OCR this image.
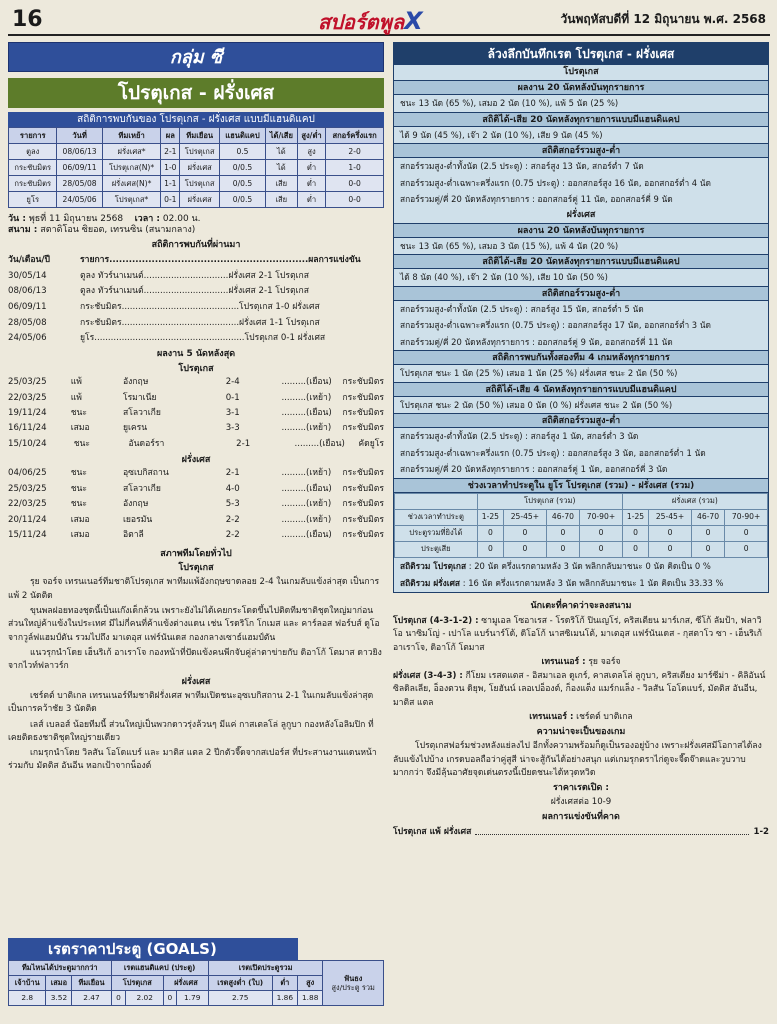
16	สปอร์ตพูลX	วันพฤหัสบดีที่ 12 มิถุนายน พ.ศ. 2568
กลุ่ม ซี
โปรตุเกส - ฝรั่งเศส
สถิติการพบกันของ โปรตุเกส - ฝรั่งเศส แบบมีแฮนดิแคป
รายการ	วันที่	ทีมเหย้า	ผล	ทีมเยือน	แฮนดิแคป	ได้/เสีย	สูง/ต่ำ	สกอร์ครึ่งแรก
ตูลง	08/06/13	ฝรั่งเศส*	2-1	โปรตุเกส	0.5	ได้	สูง	2-0
กระชับมิตร	06/09/11	โปรตุเกส(N)*	1-0	ฝรั่งเศส	0/0.5	ได้	ต่ำ	1-0
กระชับมิตร	28/05/08	ฝรั่งเศส(N)*	1-1	โปรตุเกส	0/0.5	เสีย	ต่ำ	0-0
ยูโร	24/05/06	โปรตุเกส*	0-1	ฝรั่งเศส	0/0.5	เสีย	ต่ำ	0-0
วัน : พุธที่ 11 มิถุนายน 2568 เวลา : 02.00 น.
สนาม : สตาดิโอน ซิยอต, เทรนซิน (สนามกลาง)
สถิติการพบกันที่ผ่านมา
วัน/เดือน/ปี	รายการ.............................................................ผลการแข่งขัน
30/05/14	ตูลง ทัวร์นาเมนต์...............................ฝรั่งเศส 2-1 โปรตุเกส
08/06/13	ตูลง ทัวร์นาเมนต์...............................ฝรั่งเศส 2-1 โปรตุเกส
06/09/11	กระชับมิตร...........................................โปรตุเกส 1-0 ฝรั่งเศส
28/05/08	กระชับมิตร...........................................ฝรั่งเศส 1-1 โปรตุเกส
24/05/06	ยูโร.......................................................โปรตุเกส 0-1 ฝรั่งเศส
ผลงาน 5 นัดหลังสุด
โปรตุเกส
25/03/25	แพ้	อังกฤษ	2-4	.........(เยือน)	กระชับมิตร
22/03/25	แพ้	โรมาเนีย	0-1	.........(เหย้า)	กระชับมิตร
19/11/24	ชนะ	สโลวาเกีย	3-1	.........(เยือน)	กระชับมิตร
16/11/24	เสมอ	ยูเครน	3-3	.........(เหย้า)	กระชับมิตร
15/10/24	ชนะ	อันดอร์รา	2-1	.........(เยือน)	คัดยูโร
ฝรั่งเศส
04/06/25	ชนะ	อุซเบกิสถาน	2-1	.........(เหย้า)	กระชับมิตร
25/03/25	ชนะ	สโลวาเกีย	4-0	.........(เยือน)	กระชับมิตร
22/03/25	ชนะ	อังกฤษ	5-3	.........(เหย้า)	กระชับมิตร
20/11/24	เสมอ	เยอรมัน	2-2	.........(เหย้า)	กระชับมิตร
15/11/24	เสมอ	อิตาลี	2-2	.........(เยือน)	กระชับมิตร
สภาพทีมโดยทั่วไป
โปรตุเกส
รุย จอร์จ เทรนเนอร์ทีมชาติโปรตุเกส พาทีมแพ้อังกฤษขาดลอย 2-4 ในเกมลับแข้งล่าสุด เป็นการแพ้ 2 นัดติด
ขุนพลฝอยทองชุดนี้เป็นแก๊งเด็กล้วน เพราะยังไม่ได้เคยกระโดดขึ้นไปติดทีมชาติชุดใหญ่มาก่อน ส่วนใหญ่ค้าแข้งในประเทศ มีไม่กี่คนที่ค้าแข้งต่างแดน เช่น โรดริโก โกเมส และ คาร์ลอส ฟอร์บส์ ดูโอจากวูล์ฟแฮมป์ตัน รวมไปถึง มาเตอุส แฟร์นันเดส กองกลางเซาธ์แฮมป์ตัน
แนวรุกนำโดย เฮ็นริเก้ อาเราโจ กองหน้าที่ปัดแข้งคนพีกจับคู่ล่าตาข่ายกับ ดิอาโก้ โตมาส ดาวยิงจากไวท์ฟลาวร์ก
ฝรั่งเศส
เชร์ตต์ บาติเกล เทรนเนอร์ทีมชาติฝรั่งเศส พาทีมเปิดชนะอุซเบกิสถาน 2-1 ในเกมลับแข้งล่าสุด เป็นการคว้าชัย 3 นัดติด
เลส์ เบลอส์ น้อยทีมนี้ ส่วนใหญ่เป็นพวกดาวรุ่งล้วนๆ มีแค่ กาสเตลโล่ ลูกูบา กองหลังโอลิมปิก ที่เคยติดธงชาติชุดใหญ่รายเดียว
เกมรุกนำโดย วิลสัน โอโดแบร์ และ มาติส แตล 2 ปีกตัวจี๊ดจากสเปอร์ส ที่ประสานงานแดนหน้าร่วมกับ มัตติส อันอีน หอกเป้าจากน็องต์
เรตราคาประตู (GOALS)
ทีมไหนได้ประตูมากกว่า			เรตแฮนดิแคป (ประตู)				เรตเปิดประตูรวม			ฟันธง
สูง/ประตู รวม
เจ้าบ้าน	เสมอ	ทีมเยือน	โปรตุเกส		ฝรั่งเศส		เรตสูงต่ำ (ใบ)	ต่ำ	สูง	
2.8	3.52	2.47	0	2.02	0	1.79	2.75	1.86	1.88	
ล้วงลึกบันทึกเรต โปรตุเกส - ฝรั่งเศส
โปรตุเกส
ผลงาน 20 นัดหลังบันทุกรายการ
ชนะ 13 นัด (65 %), เสมอ 2 นัด (10 %), แพ้ 5 นัด (25 %)
สถิติได้-เสีย 20 นัดหลังทุกรายการแบบมีแฮนดิแคป
ได้ 9 นัด (45 %), เจ๊า 2 นัด (10 %), เสีย 9 นัด (45 %)
สถิติสกอร์รวมสูง-ต่ำ
สกอร์รวมสูง-ต่ำทั้งนัด (2.5 ประตู) : สกอร์สูง 13 นัด, สกอร์ต่ำ 7 นัด
สกอร์รวมสูง-ต่ำเฉพาะครึ่งแรก (0.75 ประตู) : ออกสกอร์สูง 16 นัด, ออกสกอร์ต่ำ 4 นัด
สกอร์รวมคู่/คี่ 20 นัดหลังทุกรายการ : ออกสกอร์คู่ 11 นัด, ออกสกอร์คี่ 9 นัด
ฝรั่งเศส
ผลงาน 20 นัดหลังบันทุกรายการ
ชนะ 13 นัด (65 %), เสมอ 3 นัด (15 %), แพ้ 4 นัด (20 %)
สถิติได้-เสีย 20 นัดหลังทุกรายการแบบมีแฮนดิแคป
ได้ 8 นัด (40 %), เจ๊า 2 นัด (10 %), เสีย 10 นัด (50 %)
สถิติสกอร์รวมสูง-ต่ำ
สกอร์รวมสูง-ต่ำทั้งนัด (2.5 ประตู) : สกอร์สูง 15 นัด, สกอร์ต่ำ 5 นัด
สกอร์รวมสูง-ต่ำเฉพาะครึ่งแรก (0.75 ประตู) : ออกสกอร์สูง 17 นัด, ออกสกอร์ต่ำ 3 นัด
สกอร์รวมคู่/คี่ 20 นัดหลังทุกรายการ : ออกสกอร์คู่ 9 นัด, ออกสกอร์คี่ 11 นัด
สถิติการพบกันทั้งสองทีม 4 เกมหลังทุกรายการ
โปรตุเกส ชนะ 1 นัด (25 %) เสมอ 1 นัด (25 %) ฝรั่งเศส ชนะ 2 นัด (50 %)
สถิติได้-เสีย 4 นัดหลังทุกรายการแบบมีแฮนดิแคป
โปรตุเกส ชนะ 2 นัด (50 %) เสมอ 0 นัด (0 %) ฝรั่งเศส ชนะ 2 นัด (50 %)
สถิติสกอร์รวมสูง-ต่ำ
สกอร์รวมสูง-ต่ำทั้งนัด (2.5 ประตู) : สกอร์สูง 1 นัด, สกอร์ต่ำ 3 นัด
สกอร์รวมสูง-ต่ำเฉพาะครึ่งแรก (0.75 ประตู) : ออกสกอร์สูง 3 นัด, ออกสกอร์ต่ำ 1 นัด
สกอร์รวมคู่/คี่ 20 นัดหลังทุกรายการ : ออกสกอร์คู่ 1 นัด, ออกสกอร์คี่ 3 นัด
ช่วงเวลาทำประตูใน ยูโร โปรตุเกส (รวม) - ฝรั่งเศส (รวม)
	โปรตุเกส (รวม)				ฝรั่งเศส (รวม)			
ช่วงเวลาทำประตู	1-25	25-45+	46-70	70-90+	1-25	25-45+	46-70	70-90+
ประตูรวมที่ยิงได้	0	0	0	0	0	0	0	0
ประตูเสีย	0	0	0	0	0	0	0	0
สถิติรวม โปรตุเกส : 20 นัด ครึ่งแรกตามหลัง 3 นัด พลิกกลับมาชนะ 0 นัด คิดเป็น 0 %
สถิติรวม ฝรั่งเศส : 16 นัด ครึ่งแรกตามหลัง 3 นัด พลิกกลับมาชนะ 1 นัด คิดเป็น 33.33 %
นักเตะที่คาดว่าจะลงสนาม
โปรตุเกส (4-3-1-2) : ซามูเอล โซอาเรส - โรดริโก้ ปินเญโร่, คริสเตียน มาร์เกส, ซีโก้ ลัมป้า, ฟลาวิโอ นาซิมโญ่ - เปาโล แบร์นาร์โด้, ดิโอโก้ นาสซิเมนโต้, มาเตอุส แฟร์นันเดส - กุสตาโว ซา - เฮ็นริเก้ อาเราโจ, ดิอาโก้ โตมาส
เทรนเนอร์ : รุย จอร์จ
ฝรั่งเศส (3-4-3) : กีโยม เรสตแตส - อิสมาเอล ดูเกร์, คาสเตลโล่ ลูกูบา, คริสเตียง มาร์ซีม่า - คิลิอันน์ ซิลดิลเลีย, อ็องตวน ดิยุพ, โยฮันน์ เลอเปอ็องต์, ก็องแต็ง แมร์กแล็ง - วิลสัน โอโดแบร์, มัตติส อันอีน, มาติส แตล
เทรนเนอร์ : เชร์ตต์ บาติเกล
ความน่าจะเป็นของเกม
โปรตุเกสฟอร์มช่วงหลังแย่ลงไป อีกทั้งความพร้อมก็ดูเป็นรองอยู่บ้าง เพราะฝรั่งเศสมีโอกาสได้ลงลับแข้งไปบ้าง เกรดบอลถือว่าคู่สูสี น่าจะสู้กันได้อย่างสนุก แต่เกมรุกตราไก่ดูจะจี๊ดจ๊าดและวูบวาบมากกว่า จึงมีลุ้นอาศัยจุดเด่นตรงนี้เบียดชนะได้หวุดหวิด
ราคาเรตเปิด :
ฝรั่งเศสต่อ 10-9
ผลการแข่งขันที่คาด
โปรตุเกส แพ้ ฝรั่งเศส	1-2
